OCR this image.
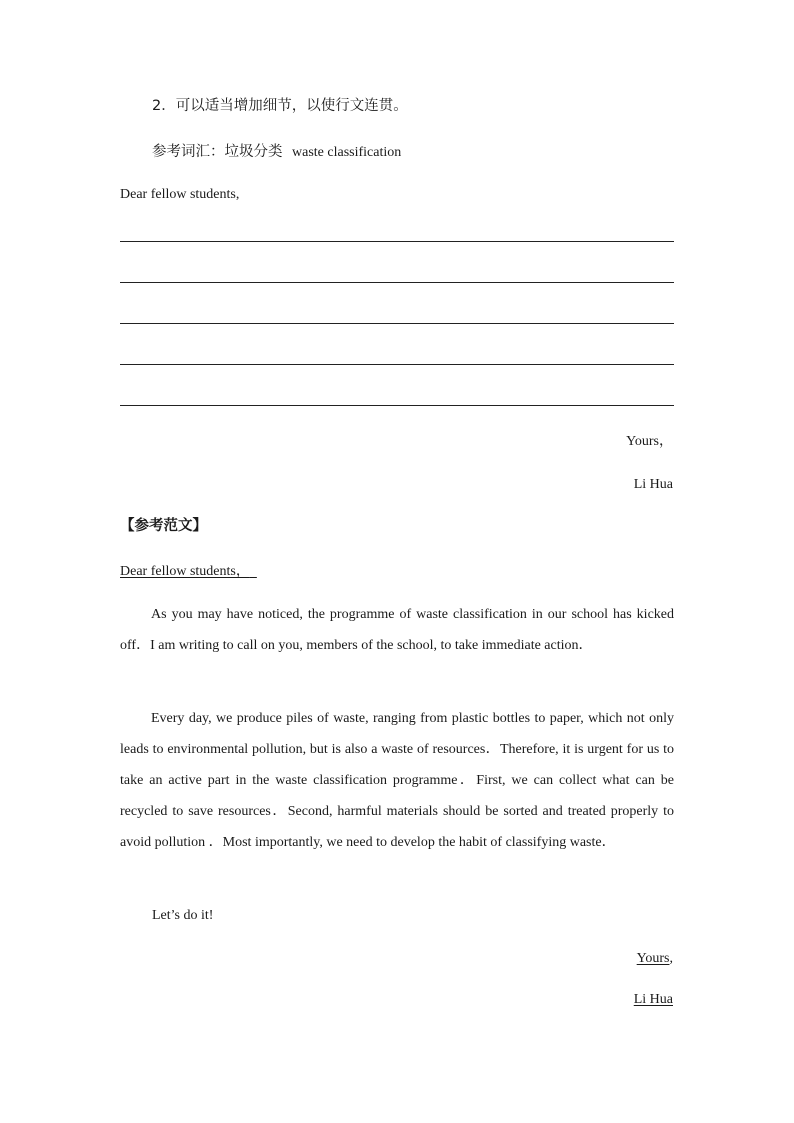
2．可以适当增加细节，以使行文连贯。
参考词汇：垃圾分类 waste classification
Dear fellow students,
Yours，
Li Hua
【参考范文】
Dear fellow students，
As you may have noticed, the programme of waste classification in our school has kicked off．I am writing to call on you, members of the school, to take immediate action．
Every day, we produce piles of waste, ranging from plastic bottles to paper, which not only leads to environmental pollution, but is also a waste of resources．Therefore, it is urgent for us to take an active part in the waste classification programme．First, we can collect what can be recycled to save resources．Second, harmful materials should be sorted and treated properly to avoid pollution ．Most importantly, we need to develop the habit of classifying waste．
Let’s do it!
Yours,
Li Hua
